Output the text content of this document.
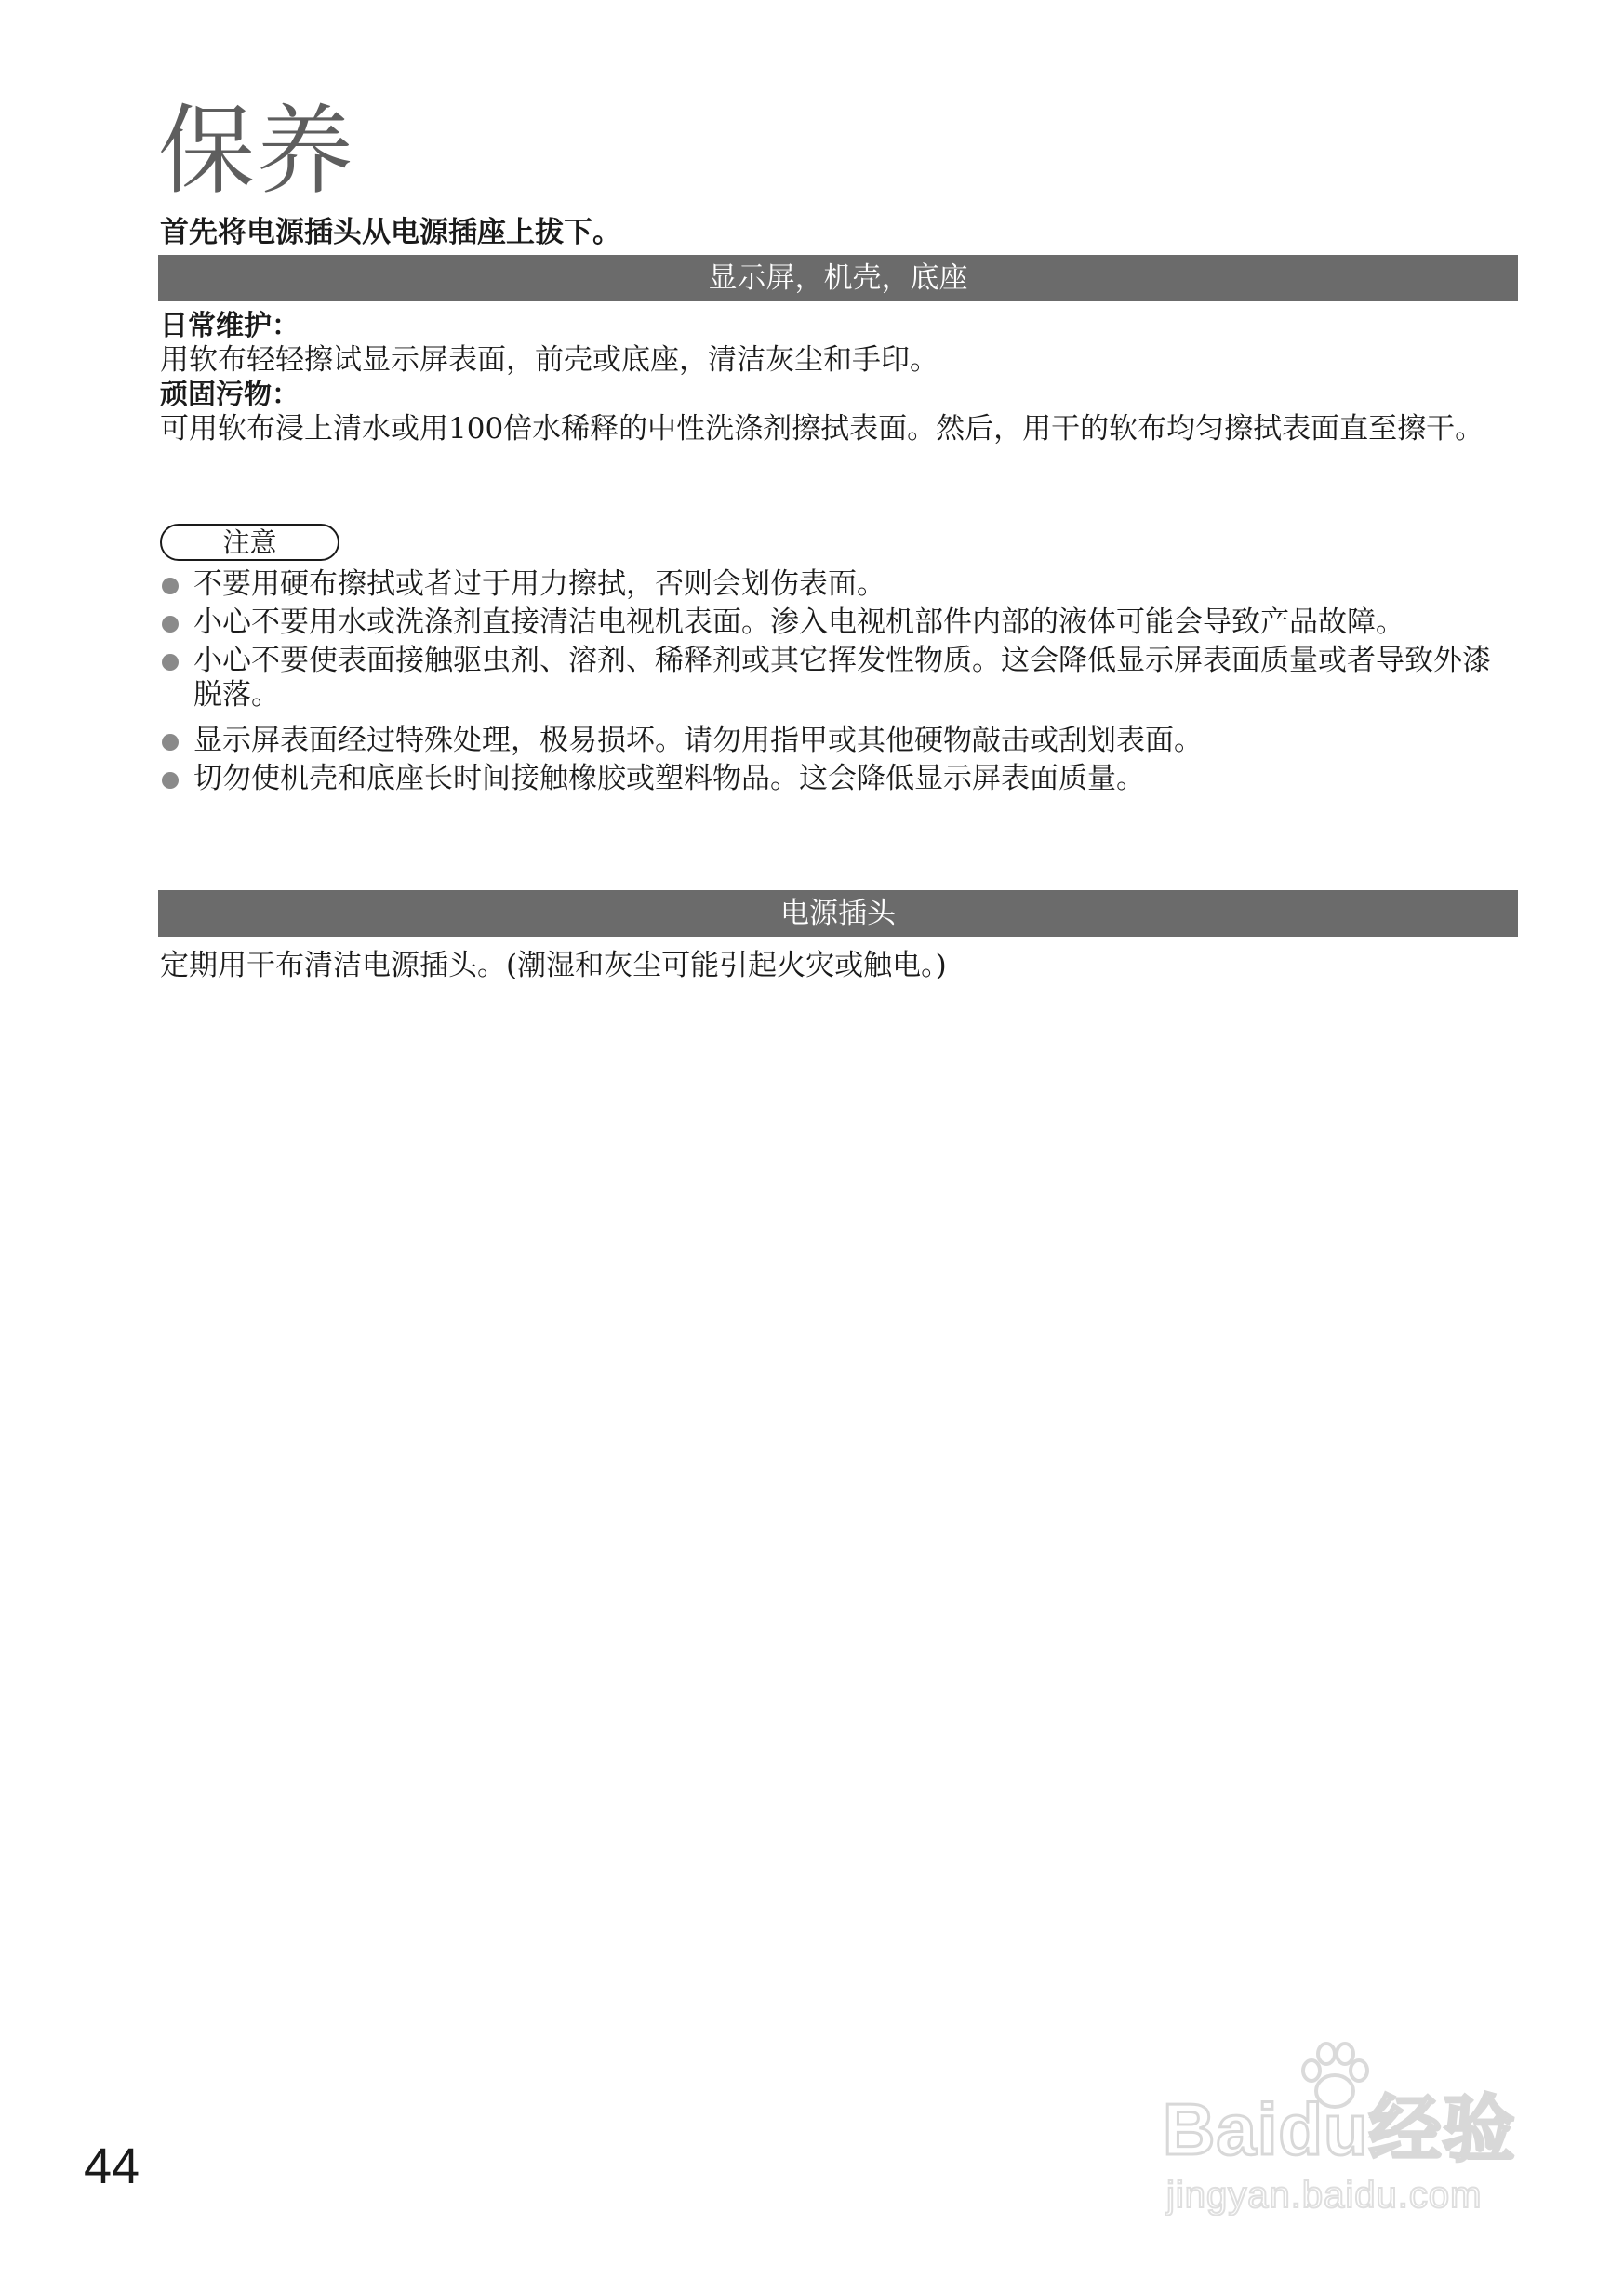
保养
首先将电源插头从电源插座上拔下。
显示屏，机壳，底座
日常维护：
用软布轻轻擦试显示屏表面，前壳或底座，清洁灰尘和手印。
顽固污物：
可用软布浸上清水或用100倍水稀释的中性洗涤剂擦拭表面。然后，用干的软布均匀擦拭表面直至擦干。
注意
不要用硬布擦拭或者过于用力擦拭，否则会划伤表面。
小心不要用水或洗涤剂直接清洁电视机表面。渗入电视机部件内部的液体可能会导致产品故障。
小心不要使表面接触驱虫剂、溶剂、稀释剂或其它挥发性物质。这会降低显示屏表面质量或者导致外漆脱落。
显示屏表面经过特殊处理，极易损坏。请勿用指甲或其他硬物敲击或刮划表面。
切勿使机壳和底座长时间接触橡胶或塑料物品。这会降低显示屏表面质量。
电源插头
定期用干布清洁电源插头。(潮湿和灰尘可能引起火灾或触电。)
44	Baidu经验
jingyan.baidu.com
